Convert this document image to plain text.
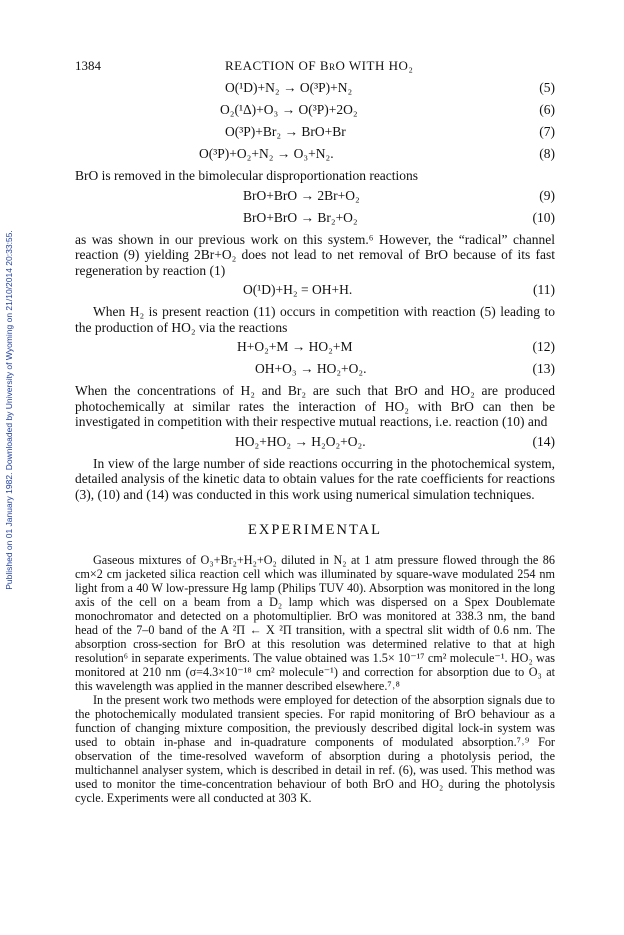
Published on 01 January 1982. Downloaded by University of Wyoming on 21/10/2014 20:33:55.
1384	REACTION OF BrO WITH HO₂
O(¹D)+N₂ → O(³P)+N₂	(5)
O₂(¹Δ)+O₃ → O(³P)+2O₂	(6)
O(³P)+Br₂ → BrO+Br	(7)
O(³P)+O₂+N₂ → O₃+N₂.	(8)

BrO is removed in the bimolecular disproportionation reactions

BrO+BrO → 2Br+O₂	(9)
BrO+BrO → Br₂+O₂	(10)

as was shown in our previous work on this system.⁶ However, the “radical” channel reaction (9) yielding 2Br+O₂ does not lead to net removal of BrO because of its fast regeneration by reaction (1)

O(¹D)+H₂ = OH+H.	(11)

When H₂ is present reaction (11) occurs in competition with reaction (5) leading to the production of HO₂ via the reactions

H+O₂+M → HO₂+M	(12)
OH+O₃ → HO₂+O₂.	(13)

When the concentrations of H₂ and Br₂ are such that BrO and HO₂ are produced photochemically at similar rates the interaction of HO₂ with BrO can then be investigated in competition with their respective mutual reactions, i.e. reaction (10) and

HO₂+HO₂ → H₂O₂+O₂.	(14)

In view of the large number of side reactions occurring in the photochemical system, detailed analysis of the kinetic data to obtain values for the rate coefficients for reactions (3), (10) and (14) was conducted in this work using numerical simulation techniques.

EXPERIMENTAL

Gaseous mixtures of O₃+Br₂+H₂+O₂ diluted in N₂ at 1 atm pressure flowed through the 86 cm×2 cm jacketed silica reaction cell which was illuminated by square-wave modulated 254 nm light from a 40 W low-pressure Hg lamp (Philips TUV 40). Absorption was monitored in the long axis of the cell on a beam from a D₂ lamp which was dispersed on a Spex Doublemate monochromator and detected on a photomultiplier. BrO was monitored at 338.3 nm, the band head of the 7–0 band of the A ²Π ← X ²Π transition, with a spectral slit width of 0.6 nm. The absorption cross-section for BrO at this resolution was determined relative to that at high resolution⁶ in separate experiments. The value obtained was 1.5× 10⁻¹⁷ cm² molecule⁻¹. HO₂ was monitored at 210 nm (σ=4.3×10⁻¹⁸ cm² molecule⁻¹) and correction for absorption due to O₃ at this wavelength was applied in the manner described elsewhere.⁷˒⁸

In the present work two methods were employed for detection of the absorption signals due to the photochemically modulated transient species. For rapid monitoring of BrO behaviour as a function of changing mixture composition, the previously described digital lock-in system was used to obtain in-phase and in-quadrature components of modulated absorption.⁷˒⁹ For observation of the time-resolved waveform of absorption during a photolysis period, the multichannel analyser system, which is described in detail in ref. (6), was used. This method was used to monitor the time-concentration behaviour of both BrO and HO₂ during the photolysis cycle. Experiments were all conducted at 303 K.
